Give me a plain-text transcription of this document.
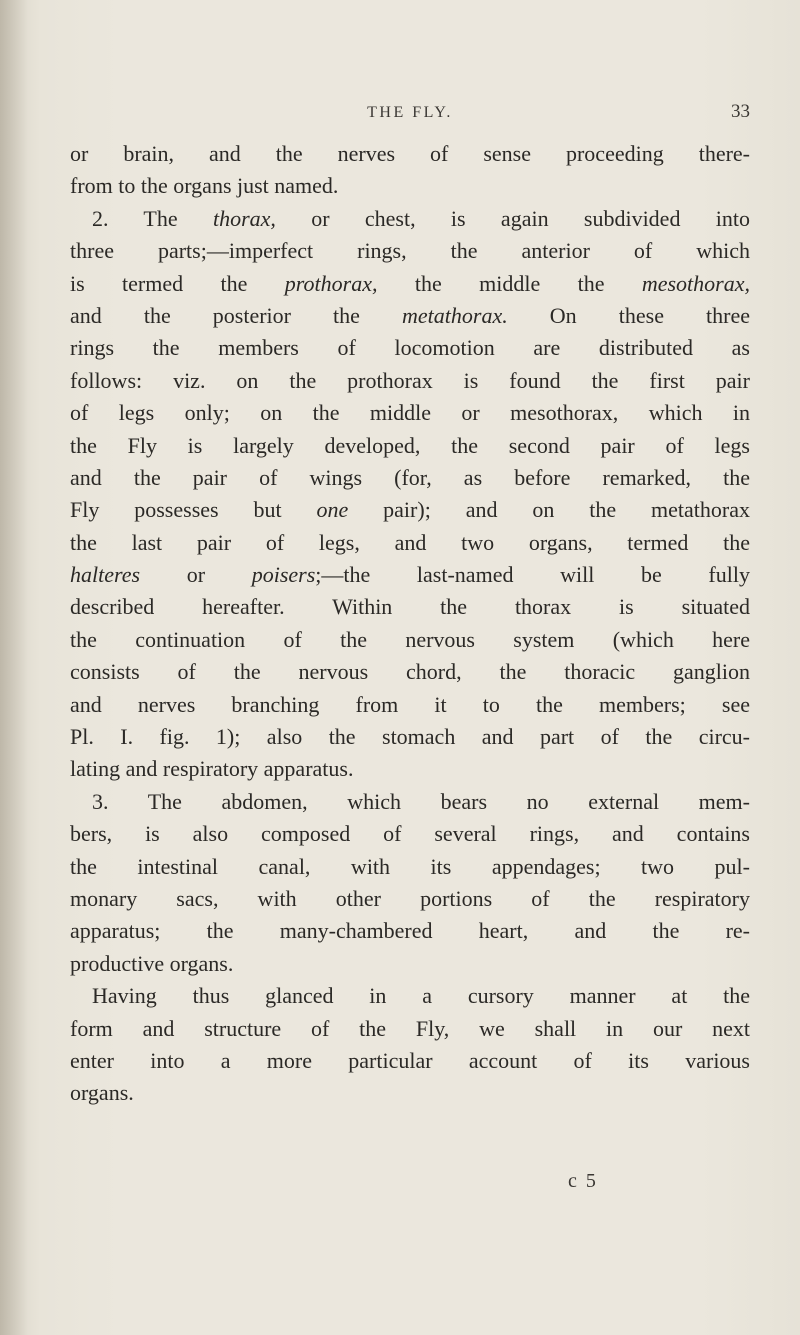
THE FLY.	33
or brain, and the nerves of sense proceeding there-
from to the organs just named.
2. The thorax, or chest, is again subdivided into
three parts;—imperfect rings, the anterior of which
is termed the prothorax, the middle the mesothorax,
and the posterior the metathorax. On these three
rings the members of locomotion are distributed as
follows: viz. on the prothorax is found the first pair
of legs only; on the middle or mesothorax, which in
the Fly is largely developed, the second pair of legs
and the pair of wings (for, as before remarked, the
Fly possesses but one pair); and on the metathorax
the last pair of legs, and two organs, termed the
halteres or poisers;—the last-named will be fully
described hereafter. Within the thorax is situated
the continuation of the nervous system (which here
consists of the nervous chord, the thoracic ganglion
and nerves branching from it to the members; see
Pl. I. fig. 1); also the stomach and part of the circu-
lating and respiratory apparatus.
3. The abdomen, which bears no external mem-
bers, is also composed of several rings, and contains
the intestinal canal, with its appendages; two pul-
monary sacs, with other portions of the respiratory
apparatus; the many-chambered heart, and the re-
productive organs.
Having thus glanced in a cursory manner at the
form and structure of the Fly, we shall in our next
enter into a more particular account of its various
organs.
c 5
